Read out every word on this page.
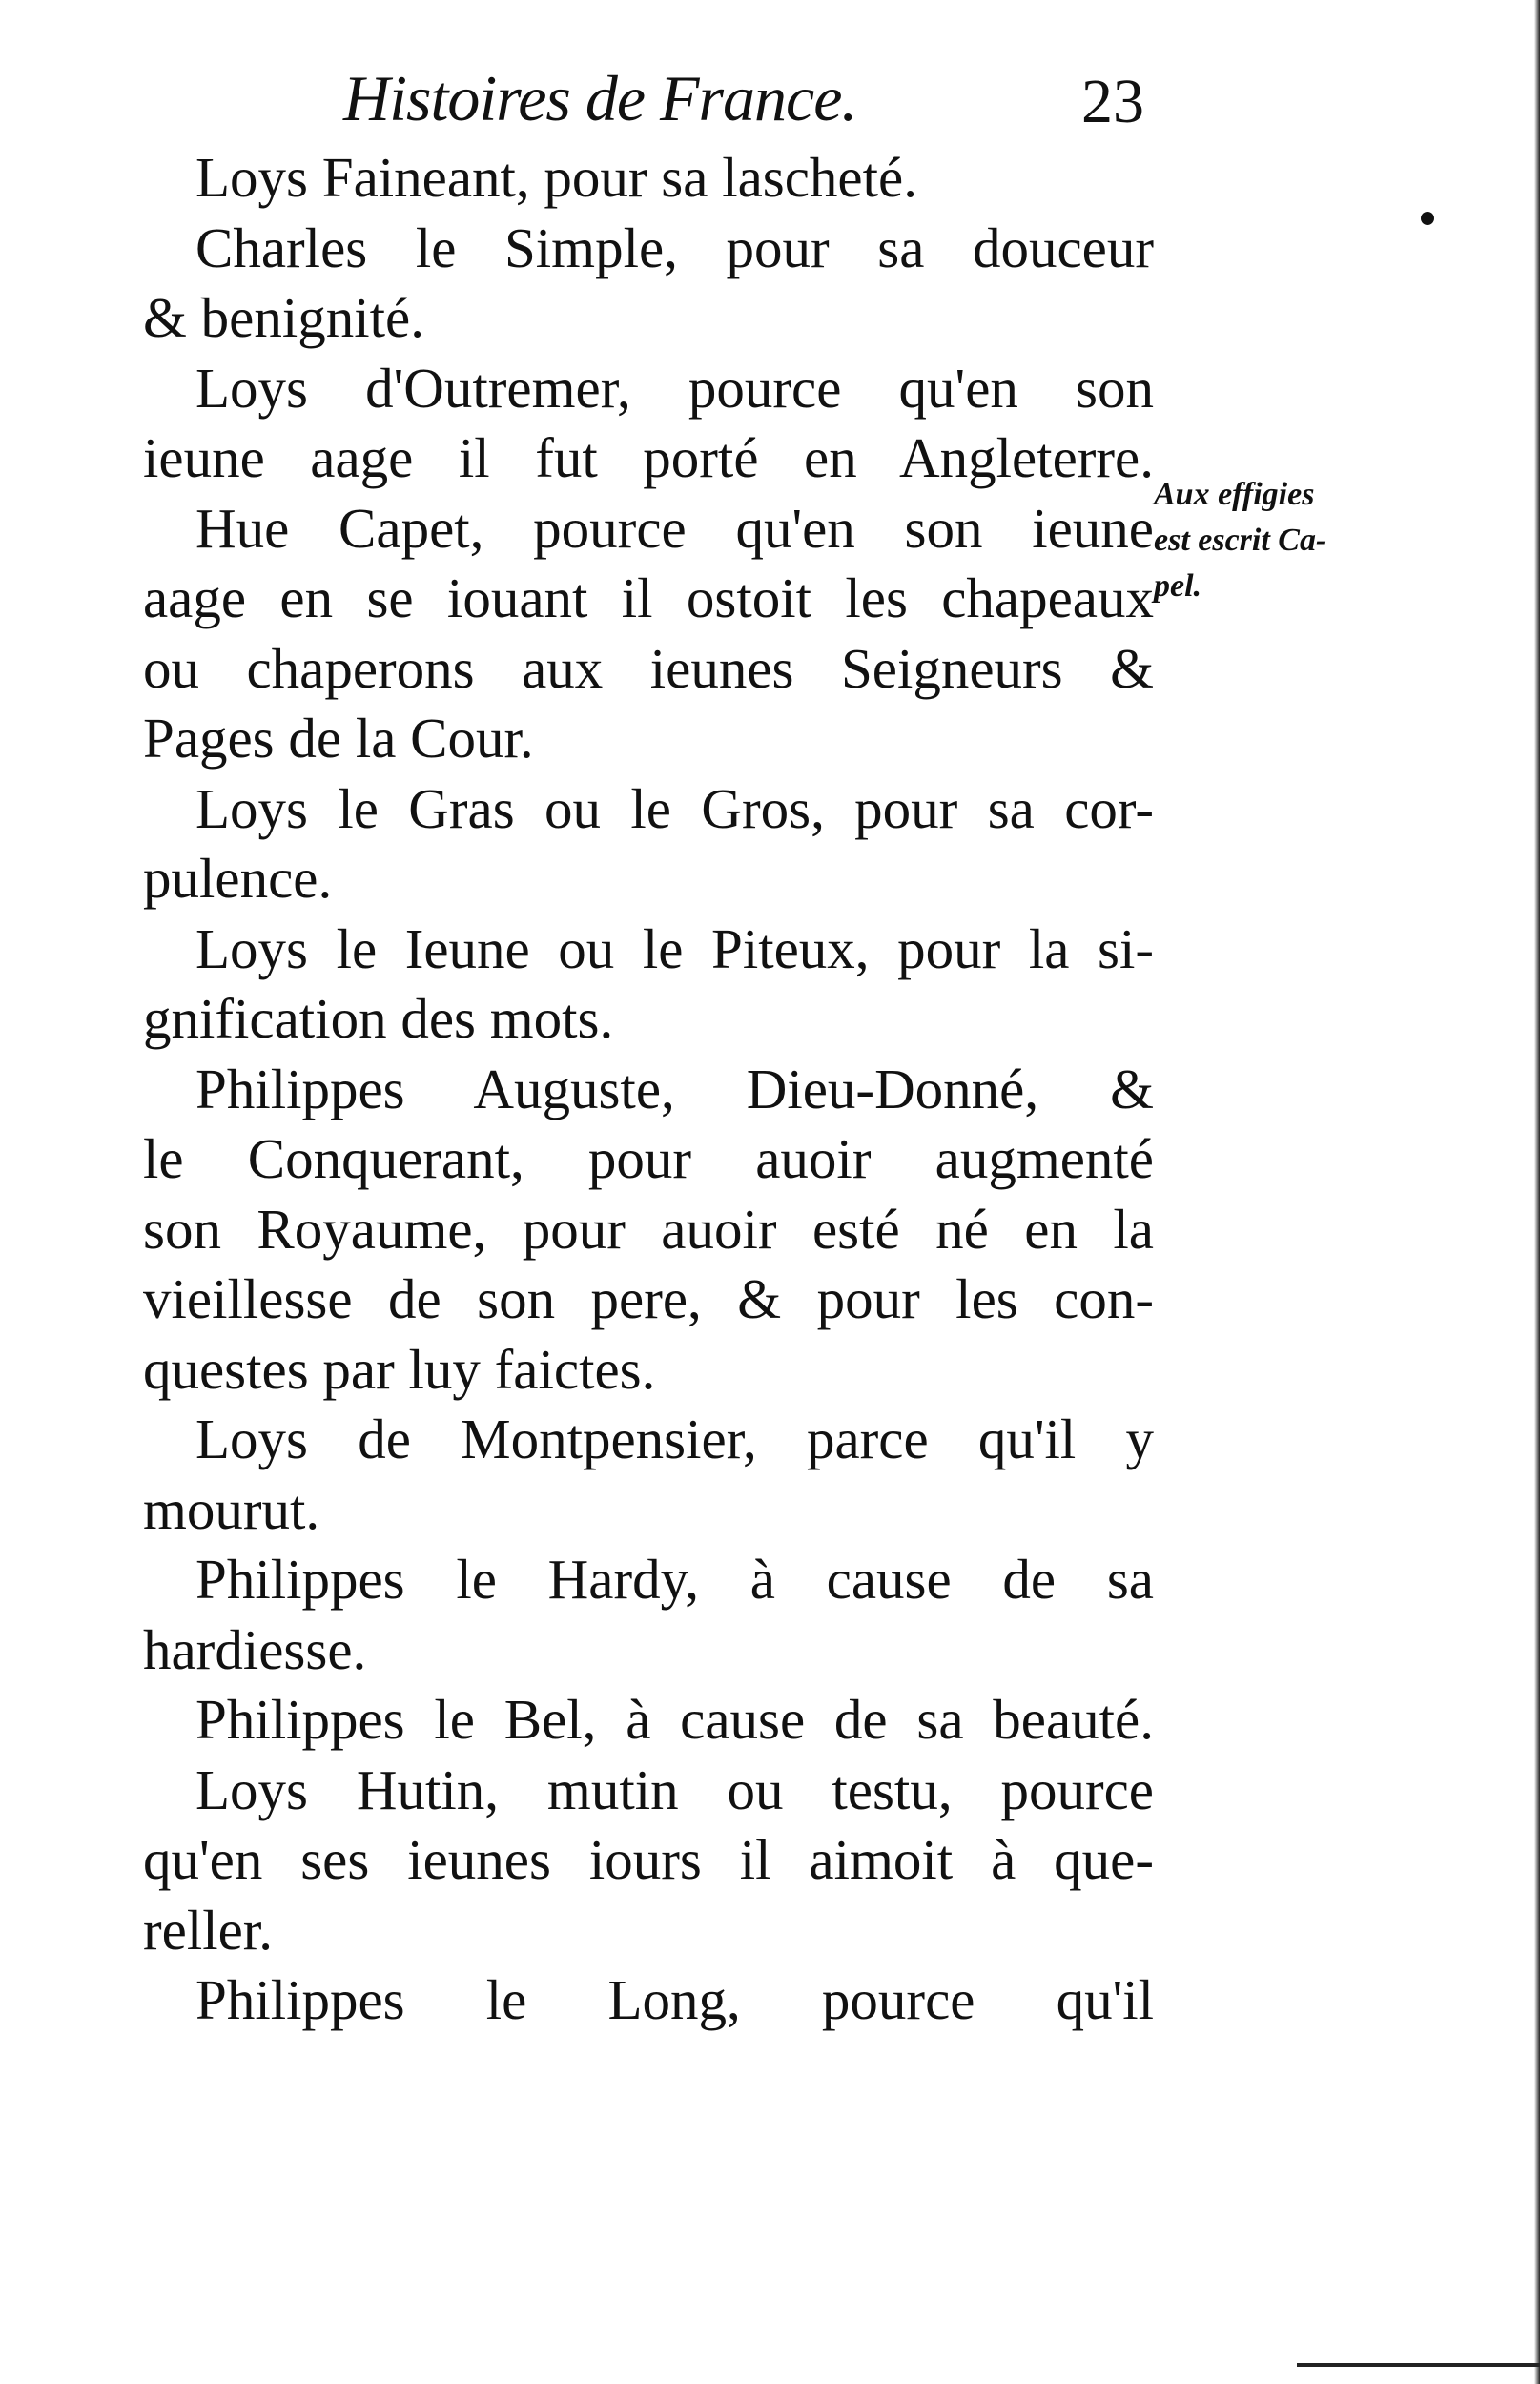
Histoires de France.	23
Aux effigies
est escrit Ca-
pel.
Loys Faineant, pour sa lascheté.
Charles le Simple, pour sa douceur
& benignité.
Loys d'Outremer, pource qu'en son
ieune aage il fut porté en Angleterre.
Hue Capet, pource qu'en son ieune
aage en se iouant il ostoit les chapeaux
ou chaperons aux ieunes Seigneurs &
Pages de la Cour.
Loys le Gras ou le Gros, pour sa cor-
pulence.
Loys le Ieune ou le Piteux, pour la si-
gnification des mots.
Philippes Auguste, Dieu-Donné, &
le Conquerant, pour auoir augmenté
son Royaume, pour auoir esté né en la
vieillesse de son pere, & pour les con-
questes par luy faictes.
Loys de Montpensier, parce qu'il y
mourut.
Philippes le Hardy, à cause de sa
hardiesse.
Philippes le Bel, à cause de sa beauté.
Loys Hutin, mutin ou testu, pource
qu'en ses ieunes iours il aimoit à que-
reller.
Philippes le Long, pource qu'il
